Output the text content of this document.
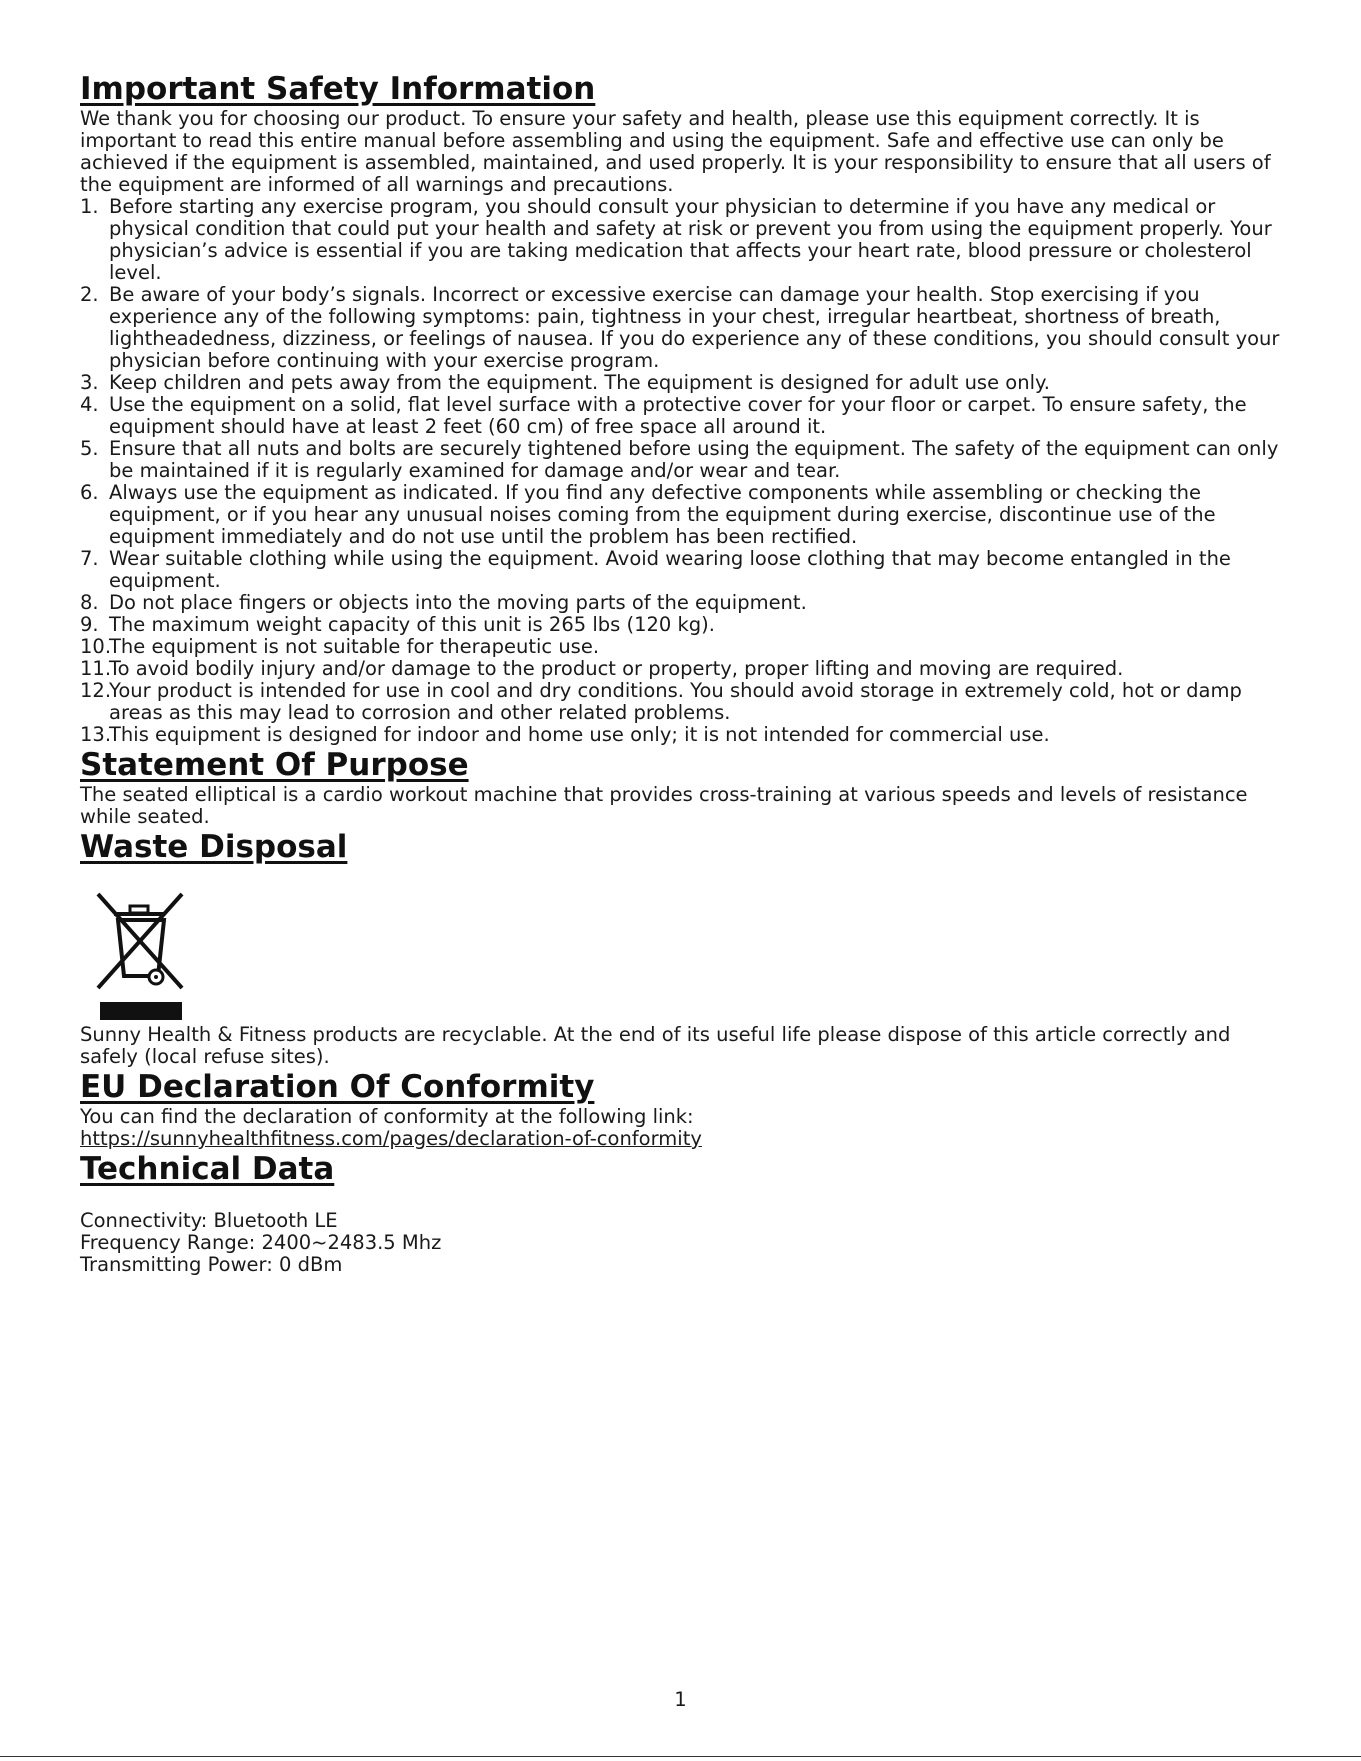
Important Safety Information

We thank you for choosing our product. To ensure your safety and health, please use this equipment correctly. It is important to read this entire manual before assembling and using the equipment. Safe and effective use can only be achieved if the equipment is assembled, maintained, and used properly. It is your responsibility to ensure that all users of the equipment are informed of all warnings and precautions.

1. Before starting any exercise program, you should consult your physician to determine if you have any medical or physical condition that could put your health and safety at risk or prevent you from using the equipment properly. Your physician’s advice is essential if you are taking medication that affects your heart rate, blood pressure or cholesterol level.
2. Be aware of your body’s signals. Incorrect or excessive exercise can damage your health. Stop exercising if you experience any of the following symptoms: pain, tightness in your chest, irregular heartbeat, shortness of breath, lightheadedness, dizziness, or feelings of nausea. If you do experience any of these conditions, you should consult your physician before continuing with your exercise program.
3. Keep children and pets away from the equipment. The equipment is designed for adult use only.
4. Use the equipment on a solid, flat level surface with a protective cover for your floor or carpet. To ensure safety, the equipment should have at least 2 feet (60 cm) of free space all around it.
5. Ensure that all nuts and bolts are securely tightened before using the equipment. The safety of the equipment can only be maintained if it is regularly examined for damage and/or wear and tear.
6. Always use the equipment as indicated. If you find any defective components while assembling or checking the equipment, or if you hear any unusual noises coming from the equipment during exercise, discontinue use of the equipment immediately and do not use until the problem has been rectified.
7. Wear suitable clothing while using the equipment. Avoid wearing loose clothing that may become entangled in the equipment.
8. Do not place fingers or objects into the moving parts of the equipment.
9. The maximum weight capacity of this unit is 265 lbs (120 kg).
10.
The equipment is not suitable for therapeutic use.
11.
To avoid bodily injury and/or damage to the product or property, proper lifting and moving are required.
12.
Your product is intended for use in cool and dry conditions. You should avoid storage in extremely cold, hot or damp areas as this may lead to corrosion and other related problems.
13.
This equipment is designed for indoor and home use only; it is not intended for commercial use.
Statement Of Purpose

The seated elliptical is a cardio workout machine that provides cross-training at various speeds and levels of resistance while seated.

Waste Disposal

Sunny Health & Fitness products are recyclable. At the end of its useful life please dispose of this article correctly and safely (local refuse sites).

EU Declaration Of Conformity

You can find the declaration of conformity at the following link:

https://sunnyhealthfitness.com/pages/declaration-of-conformity

Technical Data

Connectivity: Bluetooth LE

Frequency Range: 2400~2483.5 Mhz

Transmitting Power: 0 dBm

1
